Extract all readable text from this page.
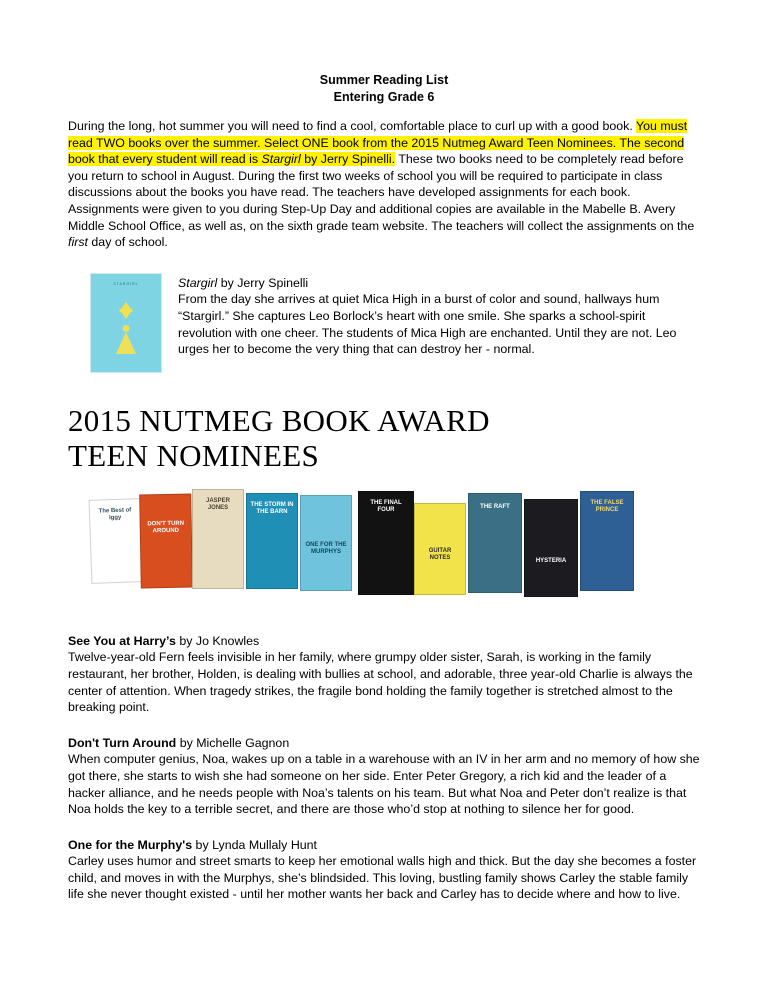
Summer Reading List
Entering Grade 6

During the long, hot summer you will need to find a cool, comfortable place to curl up with a good book. You must read TWO books over the summer. Select ONE book from the 2015 Nutmeg Award Teen Nominees. The second book that every student will read is Stargirl by Jerry Spinelli. These two books need to be completely read before you return to school in August. During the first two weeks of school you will be required to participate in class discussions about the books you have read. The teachers have developed assignments for each book. Assignments were given to you during Step-Up Day and additional copies are available in the Mabelle B. Avery Middle School Office, as well as, on the sixth grade team website. The teachers will collect the assignments on the first day of school.

STARGIRL	Stargirl by Jerry Spinelli
From the day she arrives at quiet Mica High in a burst of color and sound, hallways hum “Stargirl.” She captures Leo Borlock’s heart with one smile. She sparks a school-spirit revolution with one cheer. The students of Mica High are enchanted. Until they are not. Leo urges her to become the very thing that can destroy her - normal.
2015 NUTMEG BOOK AWARD
TEEN NOMINEES
The Best of Iggy
DON'T TURN AROUND
JASPER JONES	THE STORM IN THE BARN
ONE FOR THE MURPHYS
THE FINAL FOUR
GUITAR NOTES
THE RAFT
HYSTERIA
THE FALSE PRINCE

See You at Harry’s by Jo Knowles

Twelve-year-old Fern feels invisible in her family, where grumpy older sister, Sarah, is working in the family restaurant, her brother, Holden, is dealing with bullies at school, and adorable, three year-old Charlie is always the center of attention. When tragedy strikes, the fragile bond holding the family together is stretched almost to the breaking point.

Don't Turn Around by Michelle Gagnon

When computer genius, Noa, wakes up on a table in a warehouse with an IV in her arm and no memory of how she got there, she starts to wish she had someone on her side. Enter Peter Gregory, a rich kid and the leader of a hacker alliance, and he needs people with Noa’s talents on his team. But what Noa and Peter don’t realize is that Noa holds the key to a terrible secret, and there are those who’d stop at nothing to silence her for good.

One for the Murphy's by Lynda Mullaly Hunt

Carley uses humor and street smarts to keep her emotional walls high and thick. But the day she becomes a foster child, and moves in with the Murphys, she’s blindsided. This loving, bustling family shows Carley the stable family life she never thought existed - until her mother wants her back and Carley has to decide where and how to live.
